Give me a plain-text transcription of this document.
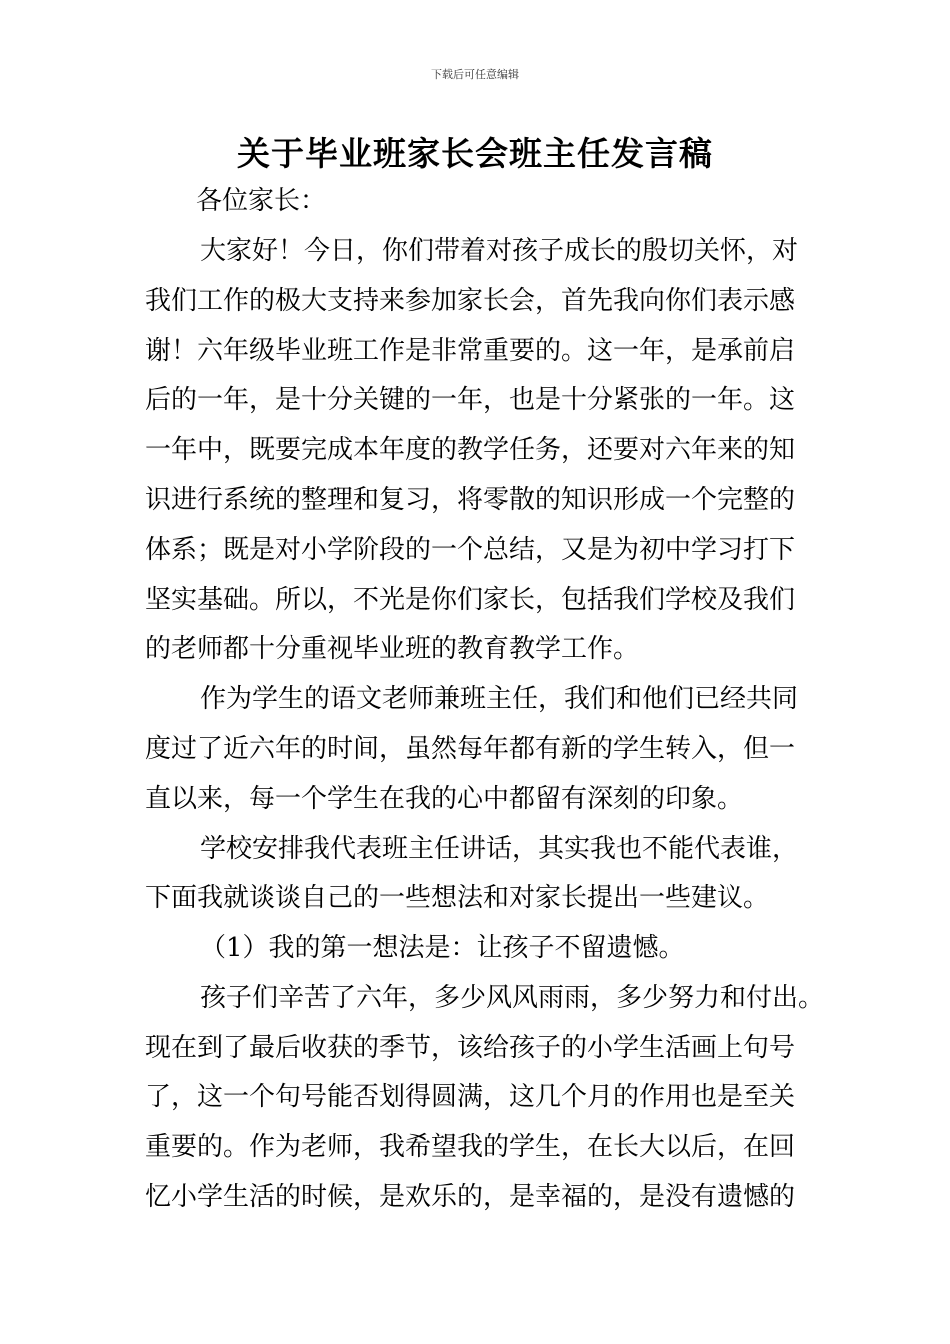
下载后可任意编辑
关于毕业班家长会班主任发言稿
各位家长：
大家好！今日，你们带着对孩子成长的殷切关怀，对
我们工作的极大支持来参加家长会，首先我向你们表示感
谢！六年级毕业班工作是非常重要的。这一年，是承前启
后的一年，是十分关键的一年，也是十分紧张的一年。这
一年中，既要完成本年度的教学任务，还要对六年来的知
识进行系统的整理和复习，将零散的知识形成一个完整的
体系；既是对小学阶段的一个总结，又是为初中学习打下
坚实基础。所以，不光是你们家长，包括我们学校及我们
的老师都十分重视毕业班的教育教学工作。
作为学生的语文老师兼班主任，我们和他们已经共同
度过了近六年的时间，虽然每年都有新的学生转入，但一
直以来，每一个学生在我的心中都留有深刻的印象。
学校安排我代表班主任讲话，其实我也不能代表谁，
下面我就谈谈自己的一些想法和对家长提出一些建议。
（1）我的第一想法是：让孩子不留遗憾。
孩子们辛苦了六年，多少风风雨雨，多少努力和付出。
现在到了最后收获的季节，该给孩子的小学生活画上句号
了，这一个句号能否划得圆满，这几个月的作用也是至关
重要的。作为老师，我希望我的学生，在长大以后，在回
忆小学生活的时候，是欢乐的，是幸福的，是没有遗憾的
